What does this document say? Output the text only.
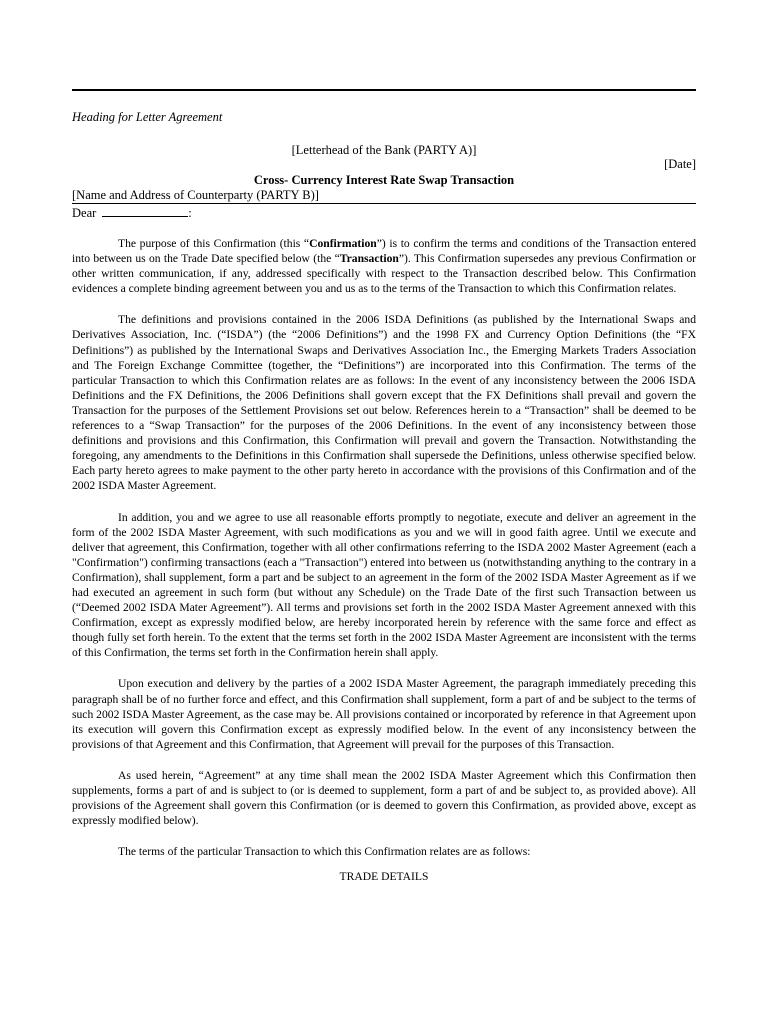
Heading for Letter Agreement
[Letterhead of the Bank (PARTY A)]
[Date]
Cross- Currency Interest Rate Swap Transaction
[Name and Address of Counterparty (PARTY B)]
Dear	:

The purpose of this Confirmation (this “Confirmation”) is to confirm the terms and conditions of the Transaction entered into between us on the Trade Date specified below (the “Transaction”). This Confirmation supersedes any previous Confirmation or other written communication, if any, addressed specifically with respect to the Transaction described below. This Confirmation evidences a complete binding agreement between you and us as to the terms of the Transaction to which this Confirmation relates.

The definitions and provisions contained in the 2006 ISDA Definitions (as published by the International Swaps and Derivatives Association, Inc. (“ISDA”) (the “2006 Definitions”) and the 1998 FX and Currency Option Definitions (the “FX Definitions”) as published by the International Swaps and Derivatives Association Inc., the Emerging Markets Traders Association and The Foreign Exchange Committee (together, the “Definitions”) are incorporated into this Confirmation. The terms of the particular Transaction to which this Confirmation relates are as follows: In the event of any inconsistency between the 2006 ISDA Definitions and the FX Definitions, the 2006 Definitions shall govern except that the FX Definitions shall prevail and govern the Transaction for the purposes of the Settlement Provisions set out below. References herein to a “Transaction” shall be deemed to be references to a “Swap Transaction” for the purposes of the 2006 Definitions. In the event of any inconsistency between those definitions and provisions and this Confirmation, this Confirmation will prevail and govern the Transaction. Notwithstanding the foregoing, any amendments to the Definitions in this Confirmation shall supersede the Definitions, unless otherwise specified below. Each party hereto agrees to make payment to the other party hereto in accordance with the provisions of this Confirmation and of the 2002 ISDA Master Agreement.

In addition, you and we agree to use all reasonable efforts promptly to negotiate, execute and deliver an agreement in the form of the 2002 ISDA Master Agreement, with such modifications as you and we will in good faith agree. Until we execute and deliver that agreement, this Confirmation, together with all other confirmations referring to the ISDA 2002 Master Agreement (each a "Confirmation") confirming transactions (each a "Transaction") entered into between us (notwithstanding anything to the contrary in a Confirmation), shall supplement, form a part and be subject to an agreement in the form of the 2002 ISDA Master Agreement as if we had executed an agreement in such form (but without any Schedule) on the Trade Date of the first such Transaction between us (“Deemed 2002 ISDA Mater Agreement”). All terms and provisions set forth in the 2002 ISDA Master Agreement annexed with this Confirmation, except as expressly modified below, are hereby incorporated herein by reference with the same force and effect as though fully set forth herein. To the extent that the terms set forth in the 2002 ISDA Master Agreement are inconsistent with the terms of this Confirmation, the terms set forth in the Confirmation herein shall apply.

Upon execution and delivery by the parties of a 2002 ISDA Master Agreement, the paragraph immediately preceding this paragraph shall be of no further force and effect, and this Confirmation shall supplement, form a part of and be subject to the terms of such 2002 ISDA Master Agreement, as the case may be. All provisions contained or incorporated by reference in that Agreement upon its execution will govern this Confirmation except as expressly modified below. In the event of any inconsistency between the provisions of that Agreement and this Confirmation, that Agreement will prevail for the purposes of this Transaction.

As used herein, “Agreement” at any time shall mean the 2002 ISDA Master Agreement which this Confirmation then supplements, forms a part of and is subject to (or is deemed to supplement, form a part of and be subject to, as provided above). All provisions of the Agreement shall govern this Confirmation (or is deemed to govern this Confirmation, as provided above, except as expressly modified below).

The terms of the particular Transaction to which this Confirmation relates are as follows:

TRADE DETAILS
